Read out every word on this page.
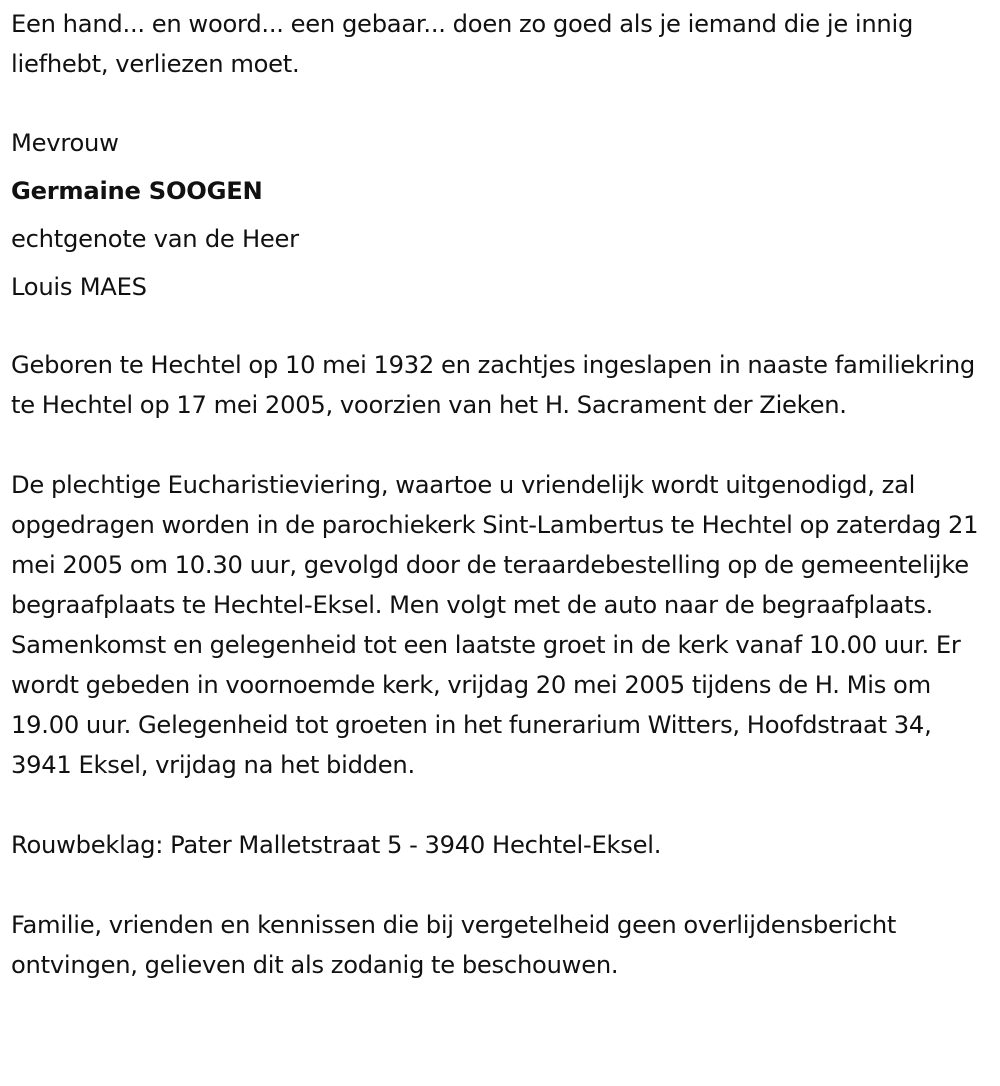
Een hand... en woord... een gebaar... doen zo goed als je iemand die je innig liefhebt, verliezen moet.

Mevrouw
Germaine SOOGEN
echtgenote van de Heer
Louis MAES

Geboren te Hechtel op 10 mei 1932 en zachtjes ingeslapen in naaste familiekring te Hechtel op 17 mei 2005, voorzien van het H. Sacrament der Zieken.

De plechtige Eucharistieviering, waartoe u vriendelijk wordt uitgenodigd, zal opgedragen worden in de parochiekerk Sint-Lambertus te Hechtel op zaterdag 21 mei 2005 om 10.30 uur, gevolgd door de teraardebestelling op de gemeentelijke begraafplaats te Hechtel-Eksel. Men volgt met de auto naar de begraafplaats. Samenkomst en gelegenheid tot een laatste groet in de kerk vanaf 10.00 uur. Er wordt gebeden in voornoemde kerk, vrijdag 20 mei 2005 tijdens de H. Mis om 19.00 uur. Gelegenheid tot groeten in het funerarium Witters, Hoofdstraat 34, 3941 Eksel, vrijdag na het bidden.

Rouwbeklag: Pater Malletstraat 5 - 3940 Hechtel-Eksel.

Familie, vrienden en kennissen die bij vergetelheid geen overlijdensbericht ontvingen, gelieven dit als zodanig te beschouwen.
